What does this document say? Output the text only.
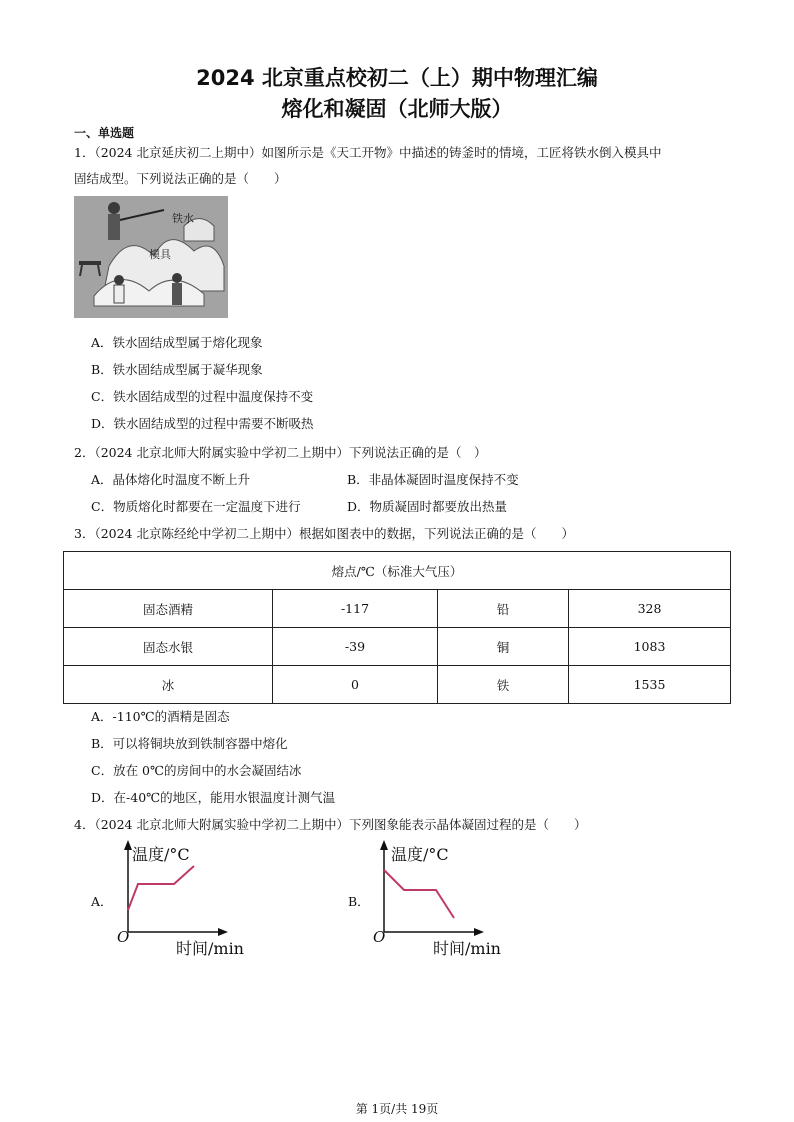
2024 北京重点校初二（上）期中物理汇编
熔化和凝固（北师大版）
一、单选题
1．（2024 北京延庆初二上期中）如图所示是《天工开物》中描述的铸釜时的情境，工匠将铁水倒入模具中
固结成型。下列说法正确的是（　　）
铁水
模具
A．铁水固结成型属于熔化现象
B．铁水固结成型属于凝华现象
C．铁水固结成型的过程中温度保持不变
D．铁水固结成型的过程中需要不断吸热
2．（2024 北京北师大附属实验中学初二上期中）下列说法正确的是（　）
A．晶体熔化时温度不断上升	B．非晶体凝固时温度保持不变
C．物质熔化时都要在一定温度下进行	D．物质凝固时都要放出热量
3．（2024 北京陈经纶中学初二上期中）根据如图表中的数据，下列说法正确的是（　　）
熔点/℃（标准大气压）			
固态酒精	-117	铅	328
固态水银	-39	铜	1083
冰	0	铁	1535
A．-110℃的酒精是固态
B．可以将铜块放到铁制容器中熔化
C．放在 0℃的房间中的水会凝固结冰
D．在-40℃的地区，能用水银温度计测气温
4．（2024 北京北师大附属实验中学初二上期中）下列图象能表示晶体凝固过程的是（　　）
A．
温度/°C
时间/min
O
B．
温度/°C
时间/min
O
第 1页/共 19页
